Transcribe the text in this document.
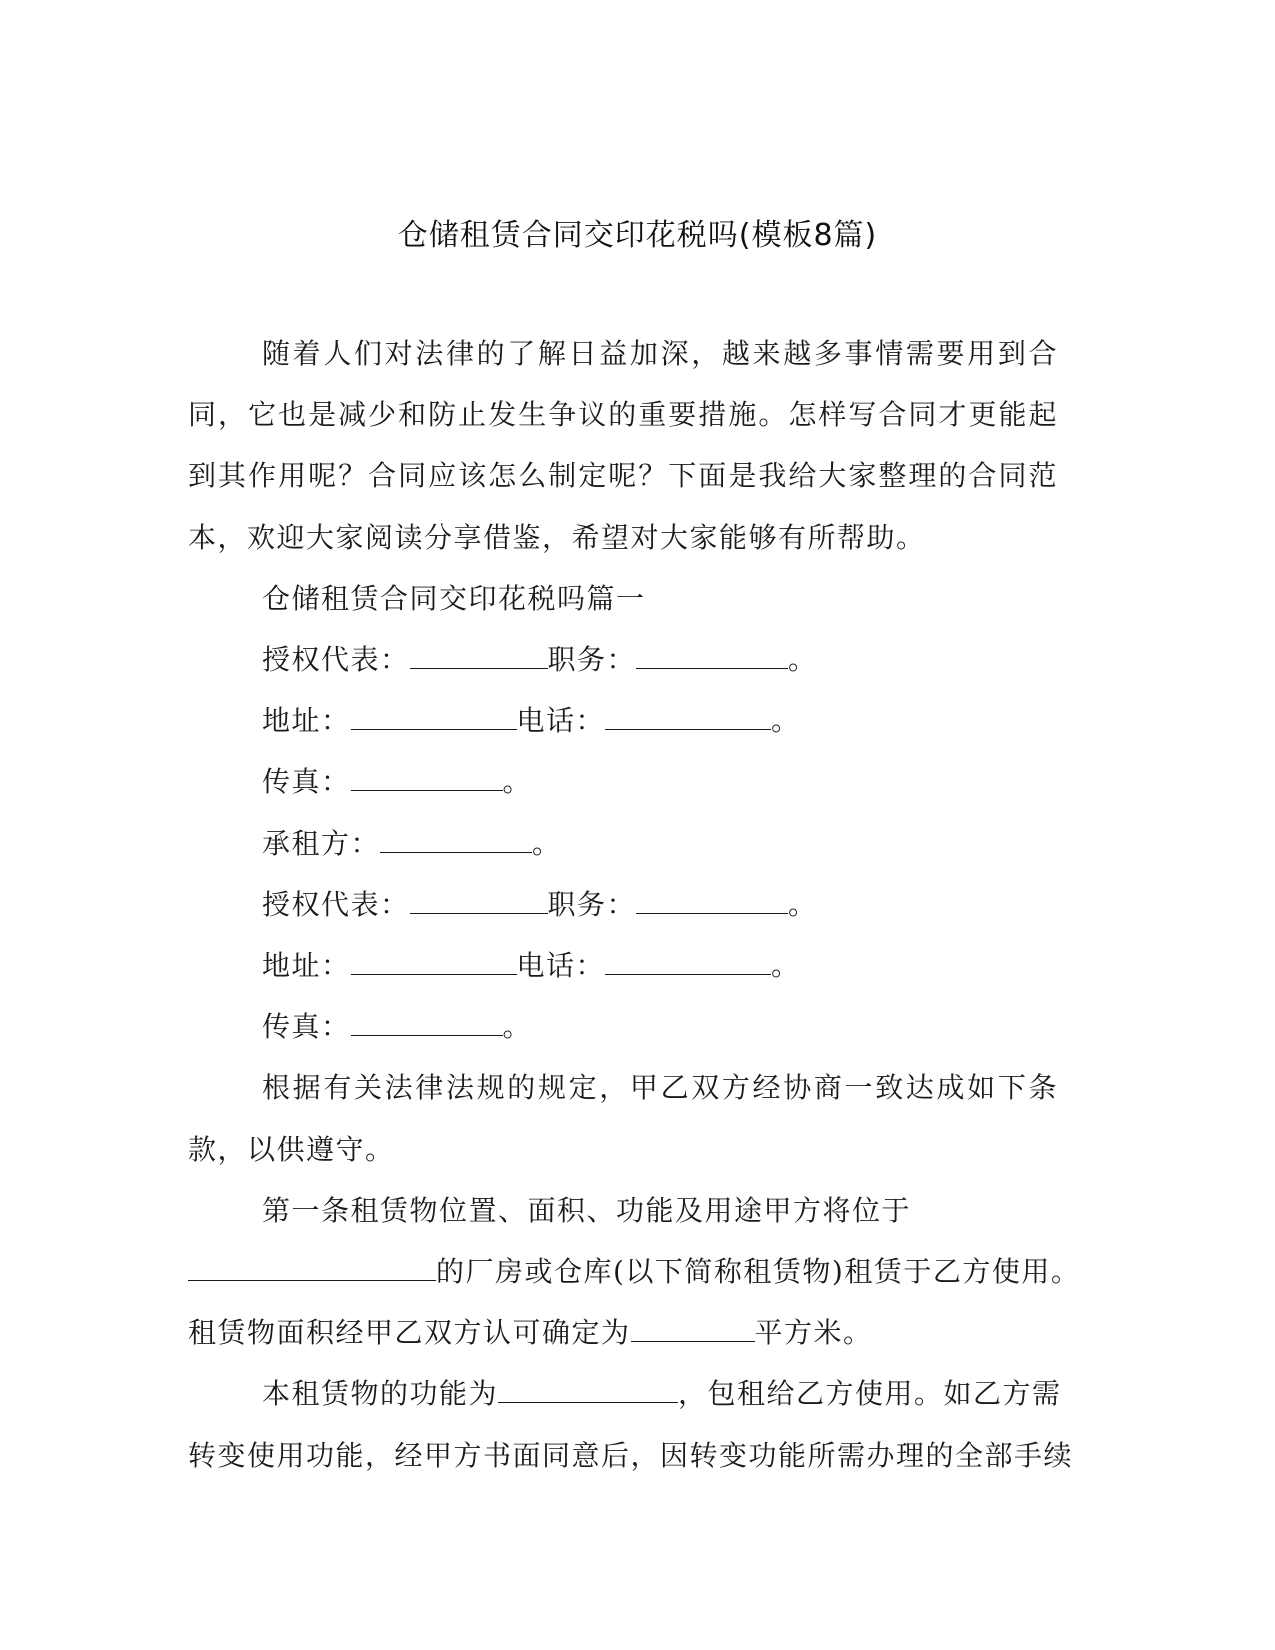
仓储租赁合同交印花税吗(模板8篇)

随着人们对法律的了解日益加深，越来越多事情需要用到合同，它也是减少和防止发生争议的重要措施。怎样写合同才更能起到其作用呢？合同应该怎么制定呢？下面是我给大家整理的合同范本，欢迎大家阅读分享借鉴，希望对大家能够有所帮助。

仓储租赁合同交印花税吗篇一

授权代表：	职务：	。

地址：	电话：	。

传真：	。

承租方：	。

授权代表：	职务：	。

地址：	电话：	。

传真：	。

根据有关法律法规的规定，甲乙双方经协商一致达成如下条款，以供遵守。

第一条租赁物位置、面积、功能及用途甲方将位于

的厂房或仓库(以下简称租赁物)租赁于乙方使用。

租赁物面积经甲乙双方认可确定为	平方米。

本租赁物的功能为	，包租给乙方使用。如乙方需

转变使用功能，经甲方书面同意后，因转变功能所需办理的全部手续
